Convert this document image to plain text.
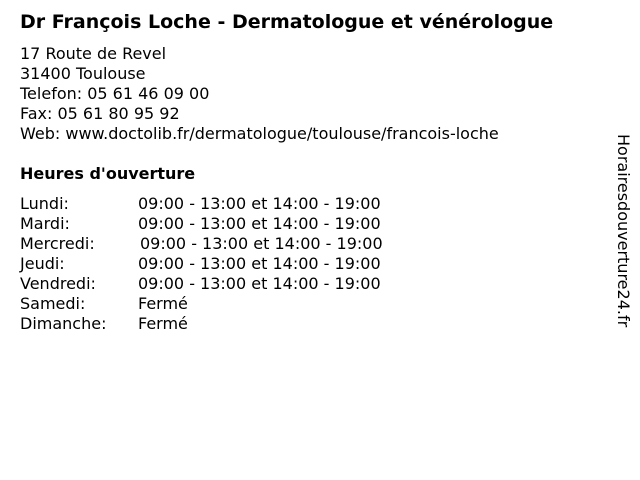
Dr François Loche - Dermatologue et vénérologue
17 Route de Revel
31400 Toulouse
Telefon: 05 61 46 09 00
Fax: 05 61 80 95 92
Web: www.doctolib.fr/dermatologue/toulouse/francois-loche
Heures d'ouverture
Lundi:	09:00 - 13:00 et 14:00 - 19:00
Mardi:	09:00 - 13:00 et 14:00 - 19:00
Mercredi:	09:00 - 13:00 et 14:00 - 19:00
Jeudi:	09:00 - 13:00 et 14:00 - 19:00
Vendredi:	09:00 - 13:00 et 14:00 - 19:00
Samedi:	Fermé
Dimanche: Fermé	Horairesdouverture24.fr
